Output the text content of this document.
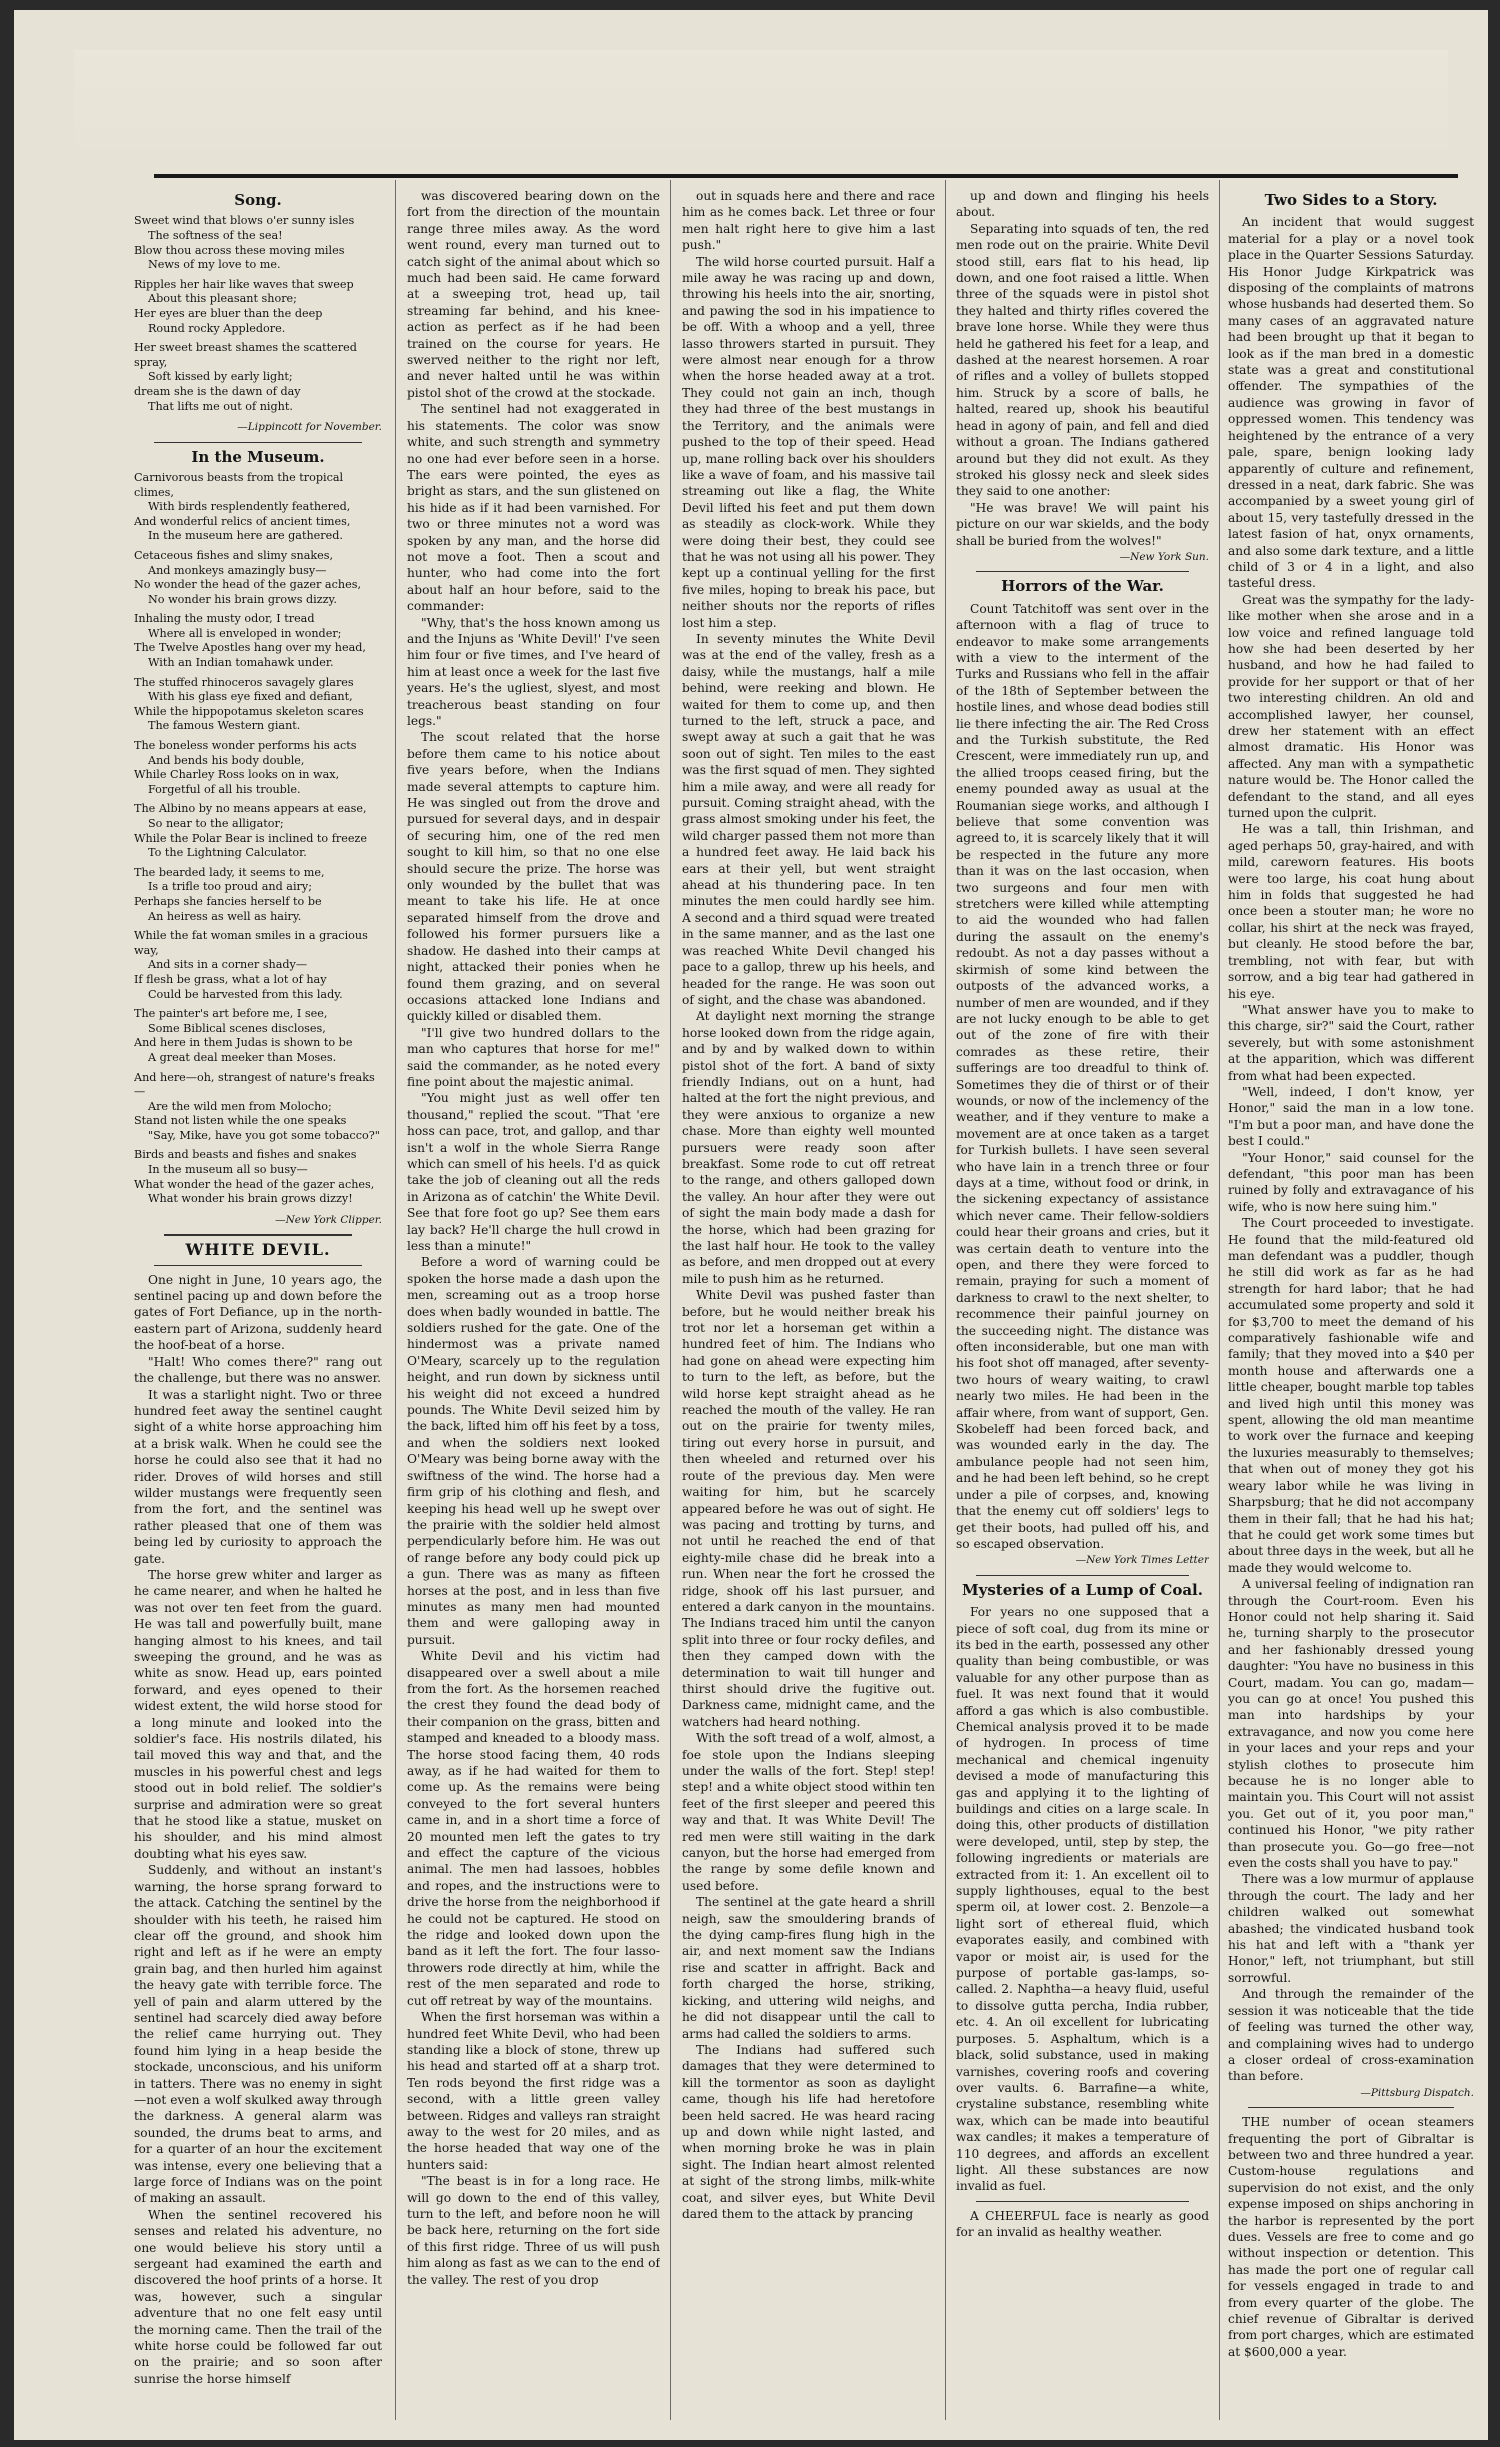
Song.
Sweet wind that blows o'er sunny isles
The softness of the sea!
Blow thou across these moving miles
News of my love to me.
Ripples her hair like waves that sweep
About this pleasant shore;
Her eyes are bluer than the deep
Round rocky Appledore.
Her sweet breast shames the scattered spray,
Soft kissed by early light;
dream she is the dawn of day
That lifts me out of night.
—Lippincott for November.
In the Museum.
Carnivorous beasts from the tropical climes,
With birds resplendently feathered,
And wonderful relics of ancient times,
In the museum here are gathered.
Cetaceous fishes and slimy snakes,
And monkeys amazingly busy—
No wonder the head of the gazer aches,
No wonder his brain grows dizzy.
Inhaling the musty odor, I tread
Where all is enveloped in wonder;
The Twelve Apostles hang over my head,
With an Indian tomahawk under.
The stuffed rhinoceros savagely glares
With his glass eye fixed and defiant,
While the hippopotamus skeleton scares
The famous Western giant.
The boneless wonder performs his acts
And bends his body double,
While Charley Ross looks on in wax,
Forgetful of all his trouble.
The Albino by no means appears at ease,
So near to the alligator;
While the Polar Bear is inclined to freeze
To the Lightning Calculator.
The bearded lady, it seems to me,
Is a trifle too proud and airy;
Perhaps she fancies herself to be
An heiress as well as hairy.
While the fat woman smiles in a gracious way,
And sits in a corner shady—
If flesh be grass, what a lot of hay
Could be harvested from this lady.
The painter's art before me, I see,
Some Biblical scenes discloses,
And here in them Judas is shown to be
A great deal meeker than Moses.
And here—oh, strangest of nature's freaks—
Are the wild men from Molocho;
Stand not listen while the one speaks
"Say, Mike, have you got some tobacco?"
Birds and beasts and fishes and snakes
In the museum all so busy—
What wonder the head of the gazer aches,
What wonder his brain grows dizzy!
—New York Clipper.
WHITE DEVIL.

One night in June, 10 years ago, the sentinel pacing up and down before the gates of Fort Defiance, up in the north-eastern part of Arizona, suddenly heard the hoof-beat of a horse.

"Halt! Who comes there?" rang out the challenge, but there was no answer.

It was a starlight night. Two or three hundred feet away the sentinel caught sight of a white horse approaching him at a brisk walk. When he could see the horse he could also see that it had no rider. Droves of wild horses and still wilder mustangs were frequently seen from the fort, and the sentinel was rather pleased that one of them was being led by curiosity to approach the gate.

The horse grew whiter and larger as he came nearer, and when he halted he was not over ten feet from the guard. He was tall and powerfully built, mane hanging almost to his knees, and tail sweeping the ground, and he was as white as snow. Head up, ears pointed forward, and eyes opened to their widest extent, the wild horse stood for a long minute and looked into the soldier's face. His nostrils dilated, his tail moved this way and that, and the muscles in his powerful chest and legs stood out in bold relief. The soldier's surprise and admiration were so great that he stood like a statue, musket on his shoulder, and his mind almost doubting what his eyes saw.

Suddenly, and without an instant's warning, the horse sprang forward to the attack. Catching the sentinel by the shoulder with his teeth, he raised him clear off the ground, and shook him right and left as if he were an empty grain bag, and then hurled him against the heavy gate with terrible force. The yell of pain and alarm uttered by the sentinel had scarcely died away before the relief came hurrying out. They found him lying in a heap beside the stockade, unconscious, and his uniform in tatters. There was no enemy in sight—not even a wolf skulked away through the darkness. A general alarm was sounded, the drums beat to arms, and for a quarter of an hour the excitement was intense, every one believing that a large force of Indians was on the point of making an assault.

When the sentinel recovered his senses and related his adventure, no one would believe his story until a sergeant had examined the earth and discovered the hoof prints of a horse. It was, however, such a singular adventure that no one felt easy until the morning came. Then the trail of the white horse could be followed far out on the prairie; and so soon after sunrise the horse himself

was discovered bearing down on the fort from the direction of the mountain range three miles away. As the word went round, every man turned out to catch sight of the animal about which so much had been said. He came forward at a sweeping trot, head up, tail streaming far behind, and his knee-action as perfect as if he had been trained on the course for years. He swerved neither to the right nor left, and never halted until he was within pistol shot of the crowd at the stockade.

The sentinel had not exaggerated in his statements. The color was snow white, and such strength and symmetry no one had ever before seen in a horse. The ears were pointed, the eyes as bright as stars, and the sun glistened on his hide as if it had been varnished. For two or three minutes not a word was spoken by any man, and the horse did not move a foot. Then a scout and hunter, who had come into the fort about half an hour before, said to the commander:

"Why, that's the hoss known among us and the Injuns as 'White Devil!' I've seen him four or five times, and I've heard of him at least once a week for the last five years. He's the ugliest, slyest, and most treacherous beast standing on four legs."

The scout related that the horse before them came to his notice about five years before, when the Indians made several attempts to capture him. He was singled out from the drove and pursued for several days, and in despair of securing him, one of the red men sought to kill him, so that no one else should secure the prize. The horse was only wounded by the bullet that was meant to take his life. He at once separated himself from the drove and followed his former pursuers like a shadow. He dashed into their camps at night, attacked their ponies when he found them grazing, and on several occasions attacked lone Indians and quickly killed or disabled them.

"I'll give two hundred dollars to the man who captures that horse for me!" said the commander, as he noted every fine point about the majestic animal.

"You might just as well offer ten thousand," replied the scout. "That 'ere hoss can pace, trot, and gallop, and thar isn't a wolf in the whole Sierra Range which can smell of his heels. I'd as quick take the job of cleaning out all the reds in Arizona as of catchin' the White Devil. See that fore foot go up? See them ears lay back? He'll charge the hull crowd in less than a minute!"

Before a word of warning could be spoken the horse made a dash upon the men, screaming out as a troop horse does when badly wounded in battle. The soldiers rushed for the gate. One of the hindermost was a private named O'Meary, scarcely up to the regulation height, and run down by sickness until his weight did not exceed a hundred pounds. The White Devil seized him by the back, lifted him off his feet by a toss, and when the soldiers next looked O'Meary was being borne away with the swiftness of the wind. The horse had a firm grip of his clothing and flesh, and keeping his head well up he swept over the prairie with the soldier held almost perpendicularly before him. He was out of range before any body could pick up a gun. There was as many as fifteen horses at the post, and in less than five minutes as many men had mounted them and were galloping away in pursuit.

White Devil and his victim had disappeared over a swell about a mile from the fort. As the horsemen reached the crest they found the dead body of their companion on the grass, bitten and stamped and kneaded to a bloody mass. The horse stood facing them, 40 rods away, as if he had waited for them to come up. As the remains were being conveyed to the fort several hunters came in, and in a short time a force of 20 mounted men left the gates to try and effect the capture of the vicious animal. The men had lassoes, hobbles and ropes, and the instructions were to drive the horse from the neighborhood if he could not be captured. He stood on the ridge and looked down upon the band as it left the fort. The four lasso-throwers rode directly at him, while the rest of the men separated and rode to cut off retreat by way of the mountains.

When the first horseman was within a hundred feet White Devil, who had been standing like a block of stone, threw up his head and started off at a sharp trot. Ten rods beyond the first ridge was a second, with a little green valley between. Ridges and valleys ran straight away to the west for 20 miles, and as the horse headed that way one of the hunters said:

"The beast is in for a long race. He will go down to the end of this valley, turn to the left, and before noon he will be back here, returning on the fort side of this first ridge. Three of us will push him along as fast as we can to the end of the valley. The rest of you drop

out in squads here and there and race him as he comes back. Let three or four men halt right here to give him a last push."

The wild horse courted pursuit. Half a mile away he was racing up and down, throwing his heels into the air, snorting, and pawing the sod in his impatience to be off. With a whoop and a yell, three lasso throwers started in pursuit. They were almost near enough for a throw when the horse headed away at a trot. They could not gain an inch, though they had three of the best mustangs in the Territory, and the animals were pushed to the top of their speed. Head up, mane rolling back over his shoulders like a wave of foam, and his massive tail streaming out like a flag, the White Devil lifted his feet and put them down as steadily as clock-work. While they were doing their best, they could see that he was not using all his power. They kept up a continual yelling for the first five miles, hoping to break his pace, but neither shouts nor the reports of rifles lost him a step.

In seventy minutes the White Devil was at the end of the valley, fresh as a daisy, while the mustangs, half a mile behind, were reeking and blown. He waited for them to come up, and then turned to the left, struck a pace, and swept away at such a gait that he was soon out of sight. Ten miles to the east was the first squad of men. They sighted him a mile away, and were all ready for pursuit. Coming straight ahead, with the grass almost smoking under his feet, the wild charger passed them not more than a hundred feet away. He laid back his ears at their yell, but went straight ahead at his thundering pace. In ten minutes the men could hardly see him. A second and a third squad were treated in the same manner, and as the last one was reached White Devil changed his pace to a gallop, threw up his heels, and headed for the range. He was soon out of sight, and the chase was abandoned.

At daylight next morning the strange horse looked down from the ridge again, and by and by walked down to within pistol shot of the fort. A band of sixty friendly Indians, out on a hunt, had halted at the fort the night previous, and they were anxious to organize a new chase. More than eighty well mounted pursuers were ready soon after breakfast. Some rode to cut off retreat to the range, and others galloped down the valley. An hour after they were out of sight the main body made a dash for the horse, which had been grazing for the last half hour. He took to the valley as before, and men dropped out at every mile to push him as he returned.

White Devil was pushed faster than before, but he would neither break his trot nor let a horseman get within a hundred feet of him. The Indians who had gone on ahead were expecting him to turn to the left, as before, but the wild horse kept straight ahead as he reached the mouth of the valley. He ran out on the prairie for twenty miles, tiring out every horse in pursuit, and then wheeled and returned over his route of the previous day. Men were waiting for him, but he scarcely appeared before he was out of sight. He was pacing and trotting by turns, and not until he reached the end of that eighty-mile chase did he break into a run. When near the fort he crossed the ridge, shook off his last pursuer, and entered a dark canyon in the mountains. The Indians traced him until the canyon split into three or four rocky defiles, and then they camped down with the determination to wait till hunger and thirst should drive the fugitive out. Darkness came, midnight came, and the watchers had heard nothing.

With the soft tread of a wolf, almost, a foe stole upon the Indians sleeping under the walls of the fort. Step! step! step! and a white object stood within ten feet of the first sleeper and peered this way and that. It was White Devil! The red men were still waiting in the dark canyon, but the horse had emerged from the range by some defile known and used before.

The sentinel at the gate heard a shrill neigh, saw the smouldering brands of the dying camp-fires flung high in the air, and next moment saw the Indians rise and scatter in affright. Back and forth charged the horse, striking, kicking, and uttering wild neighs, and he did not disappear until the call to arms had called the soldiers to arms.

The Indians had suffered such damages that they were determined to kill the tormentor as soon as daylight came, though his life had heretofore been held sacred. He was heard racing up and down while night lasted, and when morning broke he was in plain sight. The Indian heart almost relented at sight of the strong limbs, milk-white coat, and silver eyes, but White Devil dared them to the attack by prancing

up and down and flinging his heels about.

Separating into squads of ten, the red men rode out on the prairie. White Devil stood still, ears flat to his head, lip down, and one foot raised a little. When three of the squads were in pistol shot they halted and thirty rifles covered the brave lone horse. While they were thus held he gathered his feet for a leap, and dashed at the nearest horsemen. A roar of rifles and a volley of bullets stopped him. Struck by a score of balls, he halted, reared up, shook his beautiful head in agony of pain, and fell and died without a groan. The Indians gathered around but they did not exult. As they stroked his glossy neck and sleek sides they said to one another:

"He was brave! We will paint his picture on our war skields, and the body shall be buried from the wolves!"

—New York Sun.
Horrors of the War.

Count Tatchitoff was sent over in the afternoon with a flag of truce to endeavor to make some arrangements with a view to the interment of the Turks and Russians who fell in the affair of the 18th of September between the hostile lines, and whose dead bodies still lie there infecting the air. The Red Cross and the Turkish substitute, the Red Crescent, were immediately run up, and the allied troops ceased firing, but the enemy pounded away as usual at the Roumanian siege works, and although I believe that some convention was agreed to, it is scarcely likely that it will be respected in the future any more than it was on the last occasion, when two surgeons and four men with stretchers were killed while attempting to aid the wounded who had fallen during the assault on the enemy's redoubt. As not a day passes without a skirmish of some kind between the outposts of the advanced works, a number of men are wounded, and if they are not lucky enough to be able to get out of the zone of fire with their comrades as these retire, their sufferings are too dreadful to think of. Sometimes they die of thirst or of their wounds, or now of the inclemency of the weather, and if they venture to make a movement are at once taken as a target for Turkish bullets. I have seen several who have lain in a trench three or four days at a time, without food or drink, in the sickening expectancy of assistance which never came. Their fellow-soldiers could hear their groans and cries, but it was certain death to venture into the open, and there they were forced to remain, praying for such a moment of darkness to crawl to the next shelter, to recommence their painful journey on the succeeding night. The distance was often inconsiderable, but one man with his foot shot off managed, after seventy-two hours of weary waiting, to crawl nearly two miles. He had been in the affair where, from want of support, Gen. Skobeleff had been forced back, and was wounded early in the day. The ambulance people had not seen him, and he had been left behind, so he crept under a pile of corpses, and, knowing that the enemy cut off soldiers' legs to get their boots, had pulled off his, and so escaped observation.

—New York Times Letter
Mysteries of a Lump of Coal.

For years no one supposed that a piece of soft coal, dug from its mine or its bed in the earth, possessed any other quality than being combustible, or was valuable for any other purpose than as fuel. It was next found that it would afford a gas which is also combustible. Chemical analysis proved it to be made of hydrogen. In process of time mechanical and chemical ingenuity devised a mode of manufacturing this gas and applying it to the lighting of buildings and cities on a large scale. In doing this, other products of distillation were developed, until, step by step, the following ingredients or materials are extracted from it: 1. An excellent oil to supply lighthouses, equal to the best sperm oil, at lower cost. 2. Benzole—a light sort of ethereal fluid, which evaporates easily, and combined with vapor or moist air, is used for the purpose of portable gas-lamps, so-called. 2. Naphtha—a heavy fluid, useful to dissolve gutta percha, India rubber, etc. 4. An oil excellent for lubricating purposes. 5. Asphaltum, which is a black, solid substance, used in making varnishes, covering roofs and covering over vaults. 6. Barrafine—a white, crystaline substance, resembling white wax, which can be made into beautiful wax candles; it makes a temperature of 110 degrees, and affords an excellent light. All these substances are now invalid as fuel.

A CHEERFUL face is nearly as good for an invalid as healthy weather.

Two Sides to a Story.

An incident that would suggest material for a play or a novel took place in the Quarter Sessions Saturday. His Honor Judge Kirkpatrick was disposing of the complaints of matrons whose husbands had deserted them. So many cases of an aggravated nature had been brought up that it began to look as if the man bred in a domestic state was a great and constitutional offender. The sympathies of the audience was growing in favor of oppressed women. This tendency was heightened by the entrance of a very pale, spare, benign looking lady apparently of culture and refinement, dressed in a neat, dark fabric. She was accompanied by a sweet young girl of about 15, very tastefully dressed in the latest fasion of hat, onyx ornaments, and also some dark texture, and a little child of 3 or 4 in a light, and also tasteful dress.

Great was the sympathy for the lady-like mother when she arose and in a low voice and refined language told how she had been deserted by her husband, and how he had failed to provide for her support or that of her two interesting children. An old and accomplished lawyer, her counsel, drew her statement with an effect almost dramatic. His Honor was affected. Any man with a sympathetic nature would be. The Honor called the defendant to the stand, and all eyes turned upon the culprit.

He was a tall, thin Irishman, and aged perhaps 50, gray-haired, and with mild, careworn features. His boots were too large, his coat hung about him in folds that suggested he had once been a stouter man; he wore no collar, his shirt at the neck was frayed, but cleanly. He stood before the bar, trembling, not with fear, but with sorrow, and a big tear had gathered in his eye.

"What answer have you to make to this charge, sir?" said the Court, rather severely, but with some astonishment at the apparition, which was different from what had been expected.

"Well, indeed, I don't know, yer Honor," said the man in a low tone. "I'm but a poor man, and have done the best I could."

"Your Honor," said counsel for the defendant, "this poor man has been ruined by folly and extravagance of his wife, who is now here suing him."

The Court proceeded to investigate. He found that the mild-featured old man defendant was a puddler, though he still did work as far as he had strength for hard labor; that he had accumulated some property and sold it for $3,700 to meet the demand of his comparatively fashionable wife and family; that they moved into a $40 per month house and afterwards one a little cheaper, bought marble top tables and lived high until this money was spent, allowing the old man meantime to work over the furnace and keeping the luxuries measurably to themselves; that when out of money they got his weary labor while he was living in Sharpsburg; that he did not accompany them in their fall; that he had his hat; that he could get work some times but about three days in the week, but all he made they would welcome to.

A universal feeling of indignation ran through the Court-room. Even his Honor could not help sharing it. Said he, turning sharply to the prosecutor and her fashionably dressed young daughter: "You have no business in this Court, madam. You can go, madam—you can go at once! You pushed this man into hardships by your extravagance, and now you come here in your laces and your reps and your stylish clothes to prosecute him because he is no longer able to maintain you. This Court will not assist you. Get out of it, you poor man," continued his Honor, "we pity rather than prosecute you. Go—go free—not even the costs shall you have to pay."

There was a low murmur of applause through the court. The lady and her children walked out somewhat abashed; the vindicated husband took his hat and left with a "thank yer Honor," left, not triumphant, but still sorrowful.

And through the remainder of the session it was noticeable that the tide of feeling was turned the other way, and complaining wives had to undergo a closer ordeal of cross-examination than before.

—Pittsburg Dispatch.

THE number of ocean steamers frequenting the port of Gibraltar is between two and three hundred a year. Custom-house regulations and supervision do not exist, and the only expense imposed on ships anchoring in the harbor is represented by the port dues. Vessels are free to come and go without inspection or detention. This has made the port one of regular call for vessels engaged in trade to and from every quarter of the globe. The chief revenue of Gibraltar is derived from port charges, which are estimated at $600,000 a year.
